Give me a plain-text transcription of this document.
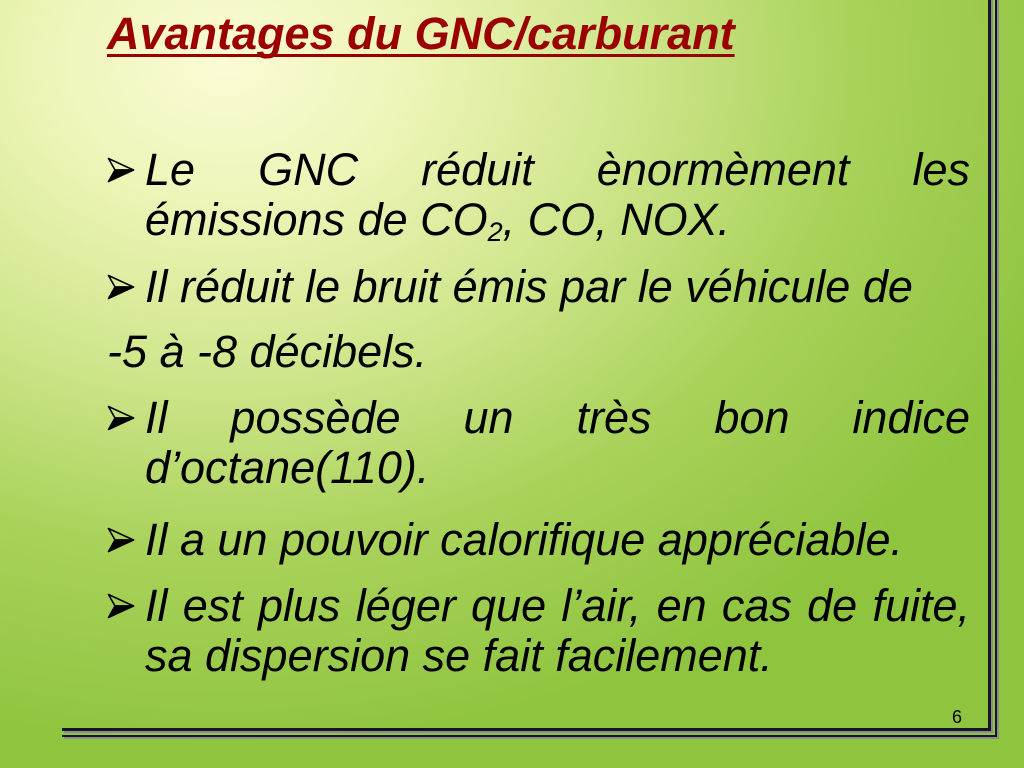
Avantages du GNC/carburant
Le GNC réduit ènormèment les émissions de $CO_2$, CO, NOX.
Il réduit le bruit émis par le véhicule de
-5 à -8 décibels.
Il possède un très bon indice d’octane(110).
Il a un pouvoir calorifique appréciable.
Il est plus léger que l’air, en cas de fuite, sa dispersion se fait facilement.
6
